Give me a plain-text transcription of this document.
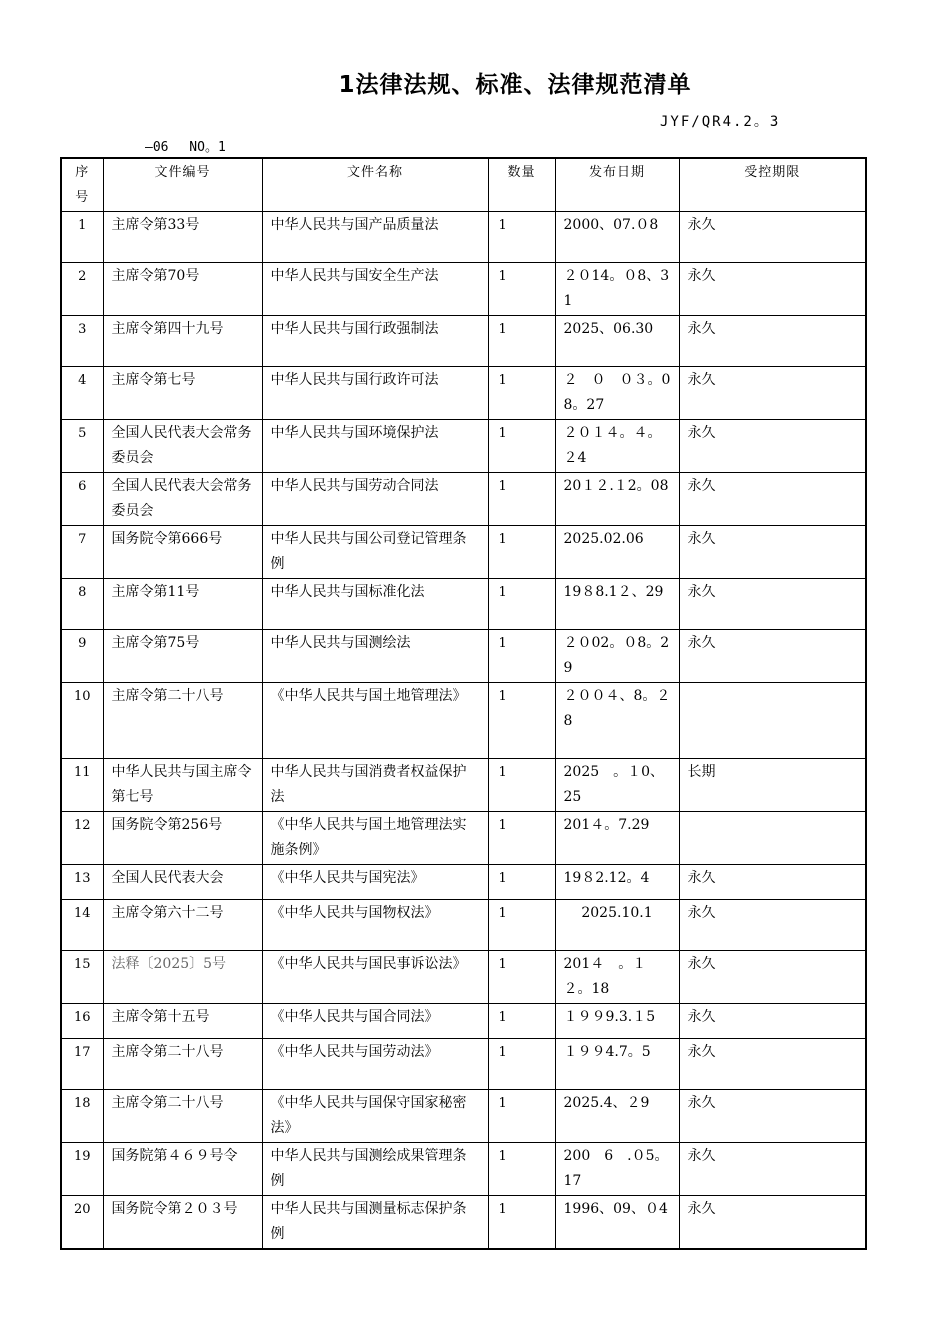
1法律法规、标准、法律规范清单
JYF/QR4.2。3
—06　 NO。1
序号	文件编号	文件名称	数量	发布日期	受控期限
1	主席令第33号	中华人民共与国产品质量法	1	2000、07.０8	永久
2	主席令第70号	中华人民共与国安全生产法	1	２０14。０8、31	永久
3	主席令第四十九号	中华人民共与国行政强制法	1	2025、06.30	永久
4	主席令第七号	中华人民共与国行政许可法	1	２　０　０３。08。27	永久
5	全国人民代表大会常务委员会	中华人民共与国环境保护法	1	２０１４。４。２4	永久
6	全国人民代表大会常务委员会	中华人民共与国劳动合同法	1	20１２.１2。08	永久
7	国务院令第666号	中华人民共与国公司登记管理条例	1	2025.02.06	永久
8	主席令第11号	中华人民共与国标准化法	1	19８8.1２、29	永久
9	主席令第75号	中华人民共与国测绘法	1	２０02。０8。29	永久
10	主席令第二十八号	《中华人民共与国土地管理法》	1	２００４、8。２8	
11	中华人民共与国主席令第七号	中华人民共与国消费者权益保护法	1	2025　。１0、25	长期
12	国务院令第256号	《中华人民共与国土地管理法实施条例》	1	201４。7.29	
13	全国人民代表大会	《中华人民共与国宪法》	1	19８2.12。4	永久
14	主席令第六十二号	《中华人民共与国物权法》	1	2025.10.1	永久
15	法释〔2025〕5号	《中华人民共与国民事诉讼法》	1	201４　。１２。18	永久
16	主席令第十五号	《中华人民共与国合同法》	1	１９９9.3.１5	永久
17	主席令第二十八号	《中华人民共与国劳动法》	1	１９９4.7。5	永久
18	主席令第二十八号	《中华人民共与国保守国家秘密法》	1	2025.4、２9	永久
19	国务院第４６９号令	中华人民共与国测绘成果管理条例	1	200　6　.０5。17	永久
20	国务院令第２０３号	中华人民共与国测量标志保护条例	1	1996、09、０4	永久
